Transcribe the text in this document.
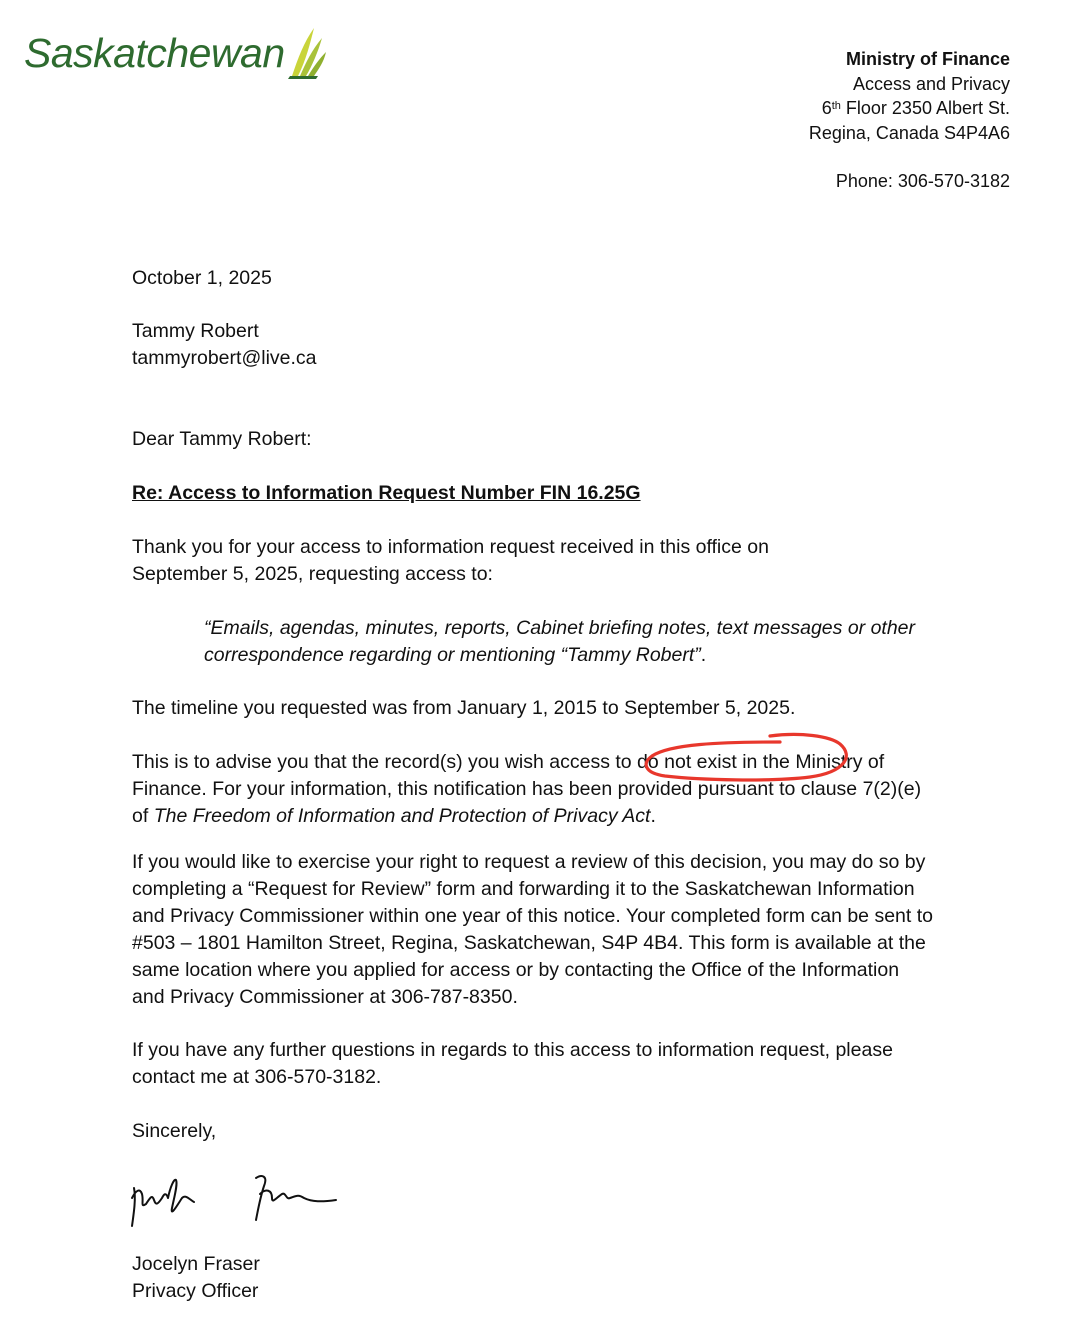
Saskatchewan	Ministry of Finance
Access and Privacy
6th Floor 2350 Albert St.
Regina, Canada S4P4A6
Phone: 306-570-3182
October 1, 2025
Tammy Robert
tammyrobert@live.ca
Dear Tammy Robert:
Re: Access to Information Request Number FIN 16.25G
Thank you for your access to information request received in this office on
September 5, 2025, requesting access to:
“Emails, agendas, minutes, reports, Cabinet briefing notes, text messages or other
correspondence regarding or mentioning “Tammy Robert”.
The timeline you requested was from January 1, 2015 to September 5, 2025.
This is to advise you that the record(s) you wish access to do not exist in the Ministry of
Finance. For your information, this notification has been provided pursuant to clause 7(2)(e)
of The Freedom of Information and Protection of Privacy Act.
If you would like to exercise your right to request a review of this decision, you may do so by
completing a “Request for Review” form and forwarding it to the Saskatchewan Information
and Privacy Commissioner within one year of this notice. Your completed form can be sent to
#503 – 1801 Hamilton Street, Regina, Saskatchewan, S4P 4B4. This form is available at the
same location where you applied for access or by contacting the Office of the Information
and Privacy Commissioner at 306-787-8350.
If you have any further questions in regards to this access to information request, please
contact me at 306-570-3182.
Sincerely,
Jocelyn Fraser
Privacy Officer
